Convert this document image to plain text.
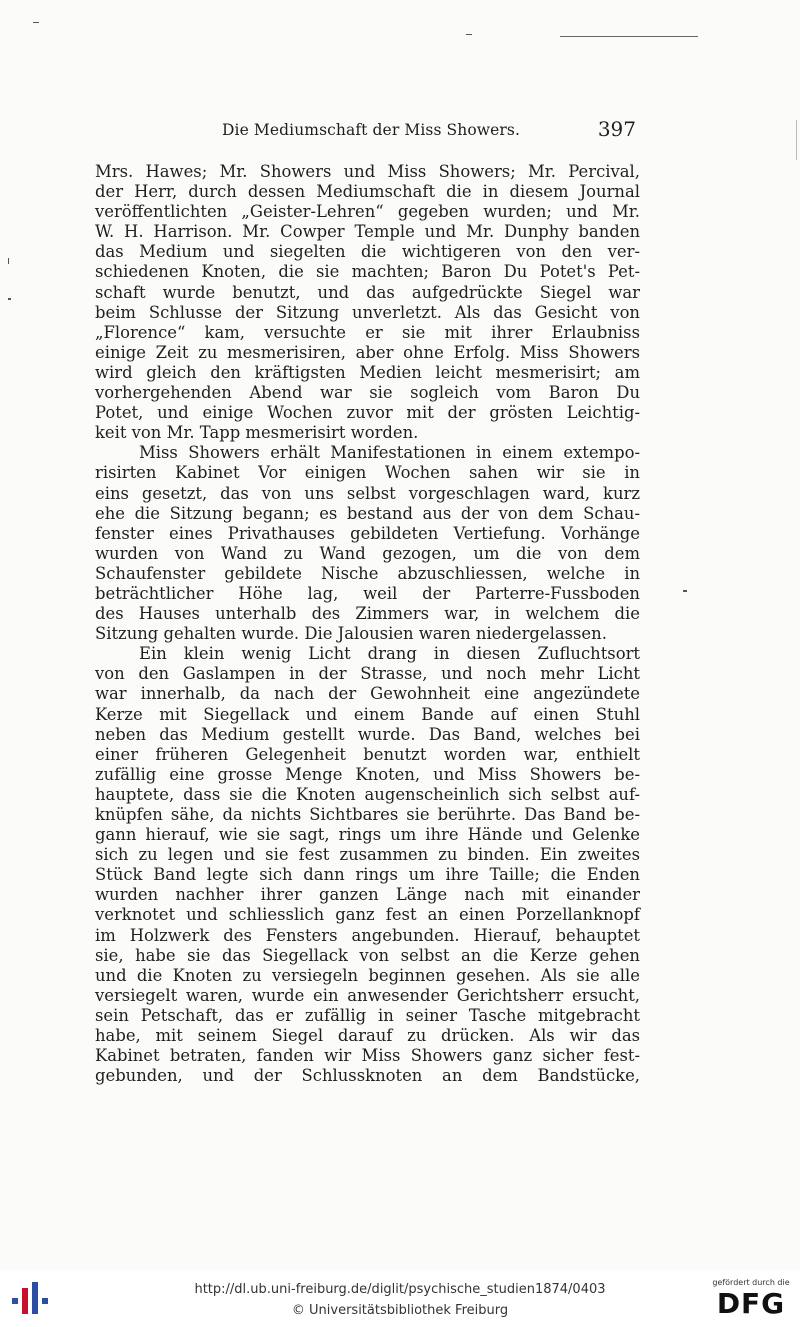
Die Mediumschaft der Miss Showers.	397
Mrs. Hawes; Mr. Showers und Miss Showers; Mr. Percival,
der Herr, durch dessen Mediumschaft die in diesem Journal
veröffentlichten „Geister-Lehren“ gegeben wurden; und Mr.
W. H. Harrison. Mr. Cowper Temple und Mr. Dunphy banden
das Medium und siegelten die wichtigeren von den ver-
schiedenen Knoten, die sie machten; Baron Du Potet's Pet-
schaft wurde benutzt, und das aufgedrückte Siegel war
beim Schlusse der Sitzung unverletzt. Als das Gesicht von
„Florence“ kam, versuchte er sie mit ihrer Erlaubniss
einige Zeit zu mesmerisiren, aber ohne Erfolg. Miss Showers
wird gleich den kräftigsten Medien leicht mesmerisirt; am
vorhergehenden Abend war sie sogleich vom Baron Du
Potet, und einige Wochen zuvor mit der grösten Leichtig-
keit von Mr. Tapp mesmerisirt worden.
Miss Showers erhält Manifestationen in einem extempo-
risirten Kabinet Vor einigen Wochen sahen wir sie in
eins gesetzt, das von uns selbst vorgeschlagen ward, kurz
ehe die Sitzung begann; es bestand aus der von dem Schau-
fenster eines Privathauses gebildeten Vertiefung. Vorhänge
wurden von Wand zu Wand gezogen, um die von dem
Schaufenster gebildete Nische abzuschliessen, welche in
beträchtlicher Höhe lag, weil der Parterre-Fussboden
des Hauses unterhalb des Zimmers war, in welchem die
Sitzung gehalten wurde. Die Jalousien waren niedergelassen.
Ein klein wenig Licht drang in diesen Zufluchtsort
von den Gaslampen in der Strasse, und noch mehr Licht
war innerhalb, da nach der Gewohnheit eine angezündete
Kerze mit Siegellack und einem Bande auf einen Stuhl
neben das Medium gestellt wurde. Das Band, welches bei
einer früheren Gelegenheit benutzt worden war, enthielt
zufällig eine grosse Menge Knoten, und Miss Showers be-
hauptete, dass sie die Knoten augenscheinlich sich selbst auf-
knüpfen sähe, da nichts Sichtbares sie berührte. Das Band be-
gann hierauf, wie sie sagt, rings um ihre Hände und Gelenke
sich zu legen und sie fest zusammen zu binden. Ein zweites
Stück Band legte sich dann rings um ihre Taille; die Enden
wurden nachher ihrer ganzen Länge nach mit einander
verknotet und schliesslich ganz fest an einen Porzellanknopf
im Holzwerk des Fensters angebunden. Hierauf, behauptet
sie, habe sie das Siegellack von selbst an die Kerze gehen
und die Knoten zu versiegeln beginnen gesehen. Als sie alle
versiegelt waren, wurde ein anwesender Gerichtsherr ersucht,
sein Petschaft, das er zufällig in seiner Tasche mitgebracht
habe, mit seinem Siegel darauf zu drücken. Als wir das
Kabinet betraten, fanden wir Miss Showers ganz sicher fest-
gebunden, und der Schlussknoten an dem Bandstücke,
http://dl.ub.uni-freiburg.de/diglit/psychische_studien1874/0403
© Universitätsbibliothek Freiburg
gefördert durch die
DFG
